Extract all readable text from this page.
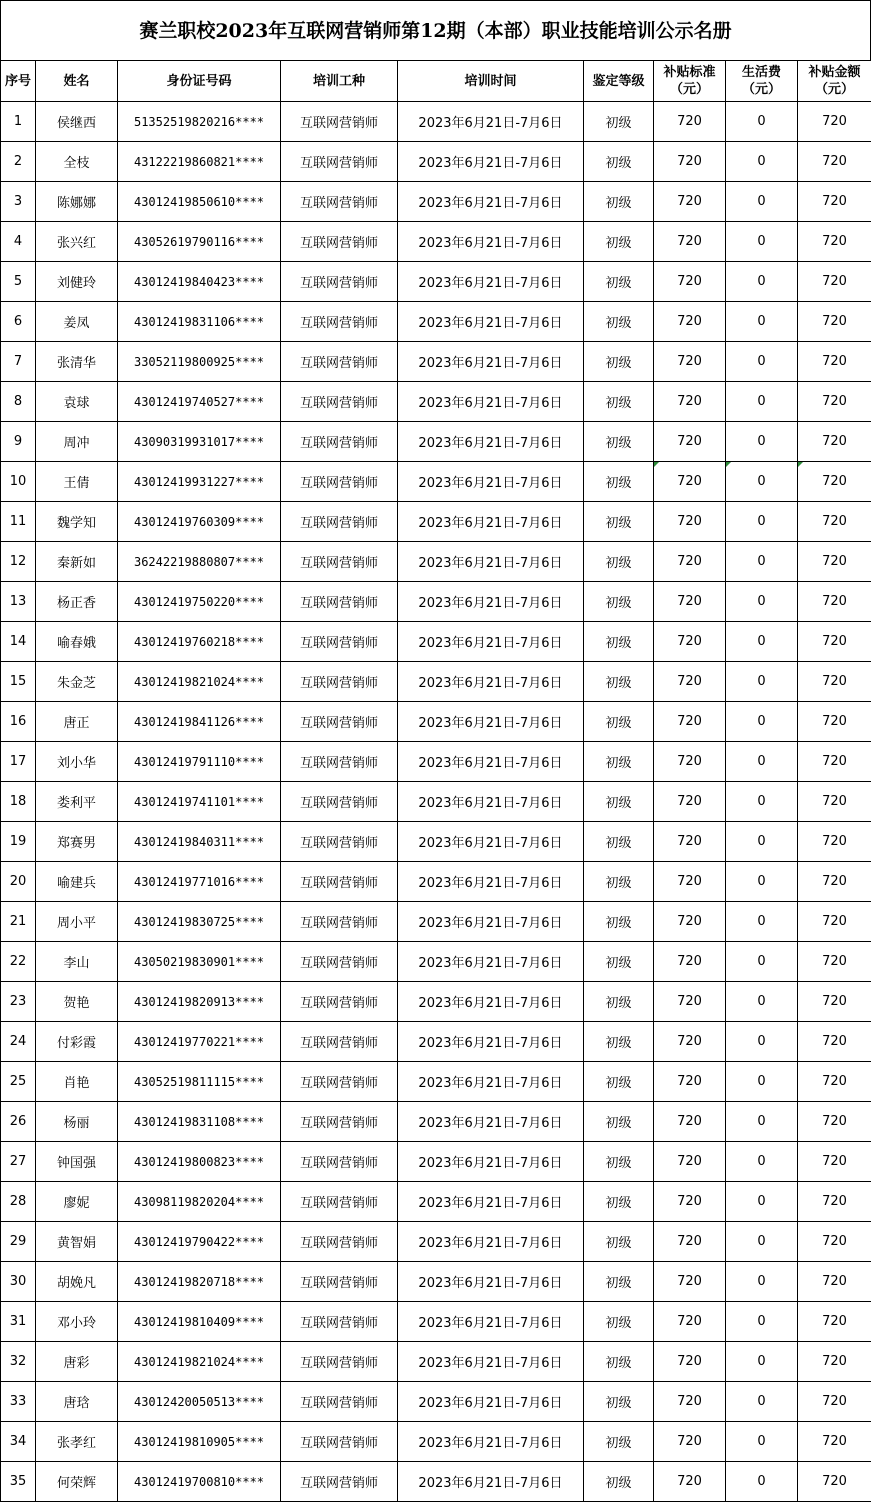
赛兰职校2023年互联网营销师第12期（本部）职业技能培训公示名册
序号	姓名	身份证号码	培训工种	培训时间	鉴定等级	补贴标准（元）	生活费（元）	补贴金额（元）
1	侯继西	51352519820216****	互联网营销师	2023年6月21日-7月6日	初级	720	0	720
2	全枝	43122219860821****	互联网营销师	2023年6月21日-7月6日	初级	720	0	720
3	陈娜娜	43012419850610****	互联网营销师	2023年6月21日-7月6日	初级	720	0	720
4	张兴红	43052619790116****	互联网营销师	2023年6月21日-7月6日	初级	720	0	720
5	刘健玲	43012419840423****	互联网营销师	2023年6月21日-7月6日	初级	720	0	720
6	姜凤	43012419831106****	互联网营销师	2023年6月21日-7月6日	初级	720	0	720
7	张清华	33052119800925****	互联网营销师	2023年6月21日-7月6日	初级	720	0	720
8	袁球	43012419740527****	互联网营销师	2023年6月21日-7月6日	初级	720	0	720
9	周冲	43090319931017****	互联网营销师	2023年6月21日-7月6日	初级	720	0	720
10	王倩	43012419931227****	互联网营销师	2023年6月21日-7月6日	初级	720	0	720
11	魏学知	43012419760309****	互联网营销师	2023年6月21日-7月6日	初级	720	0	720
12	秦新如	36242219880807****	互联网营销师	2023年6月21日-7月6日	初级	720	0	720
13	杨正香	43012419750220****	互联网营销师	2023年6月21日-7月6日	初级	720	0	720
14	喻春娥	43012419760218****	互联网营销师	2023年6月21日-7月6日	初级	720	0	720
15	朱金芝	43012419821024****	互联网营销师	2023年6月21日-7月6日	初级	720	0	720
16	唐正	43012419841126****	互联网营销师	2023年6月21日-7月6日	初级	720	0	720
17	刘小华	43012419791110****	互联网营销师	2023年6月21日-7月6日	初级	720	0	720
18	娄利平	43012419741101****	互联网营销师	2023年6月21日-7月6日	初级	720	0	720
19	郑赛男	43012419840311****	互联网营销师	2023年6月21日-7月6日	初级	720	0	720
20	喻建兵	43012419771016****	互联网营销师	2023年6月21日-7月6日	初级	720	0	720
21	周小平	43012419830725****	互联网营销师	2023年6月21日-7月6日	初级	720	0	720
22	李山	43050219830901****	互联网营销师	2023年6月21日-7月6日	初级	720	0	720
23	贺艳	43012419820913****	互联网营销师	2023年6月21日-7月6日	初级	720	0	720
24	付彩霞	43012419770221****	互联网营销师	2023年6月21日-7月6日	初级	720	0	720
25	肖艳	43052519811115****	互联网营销师	2023年6月21日-7月6日	初级	720	0	720
26	杨丽	43012419831108****	互联网营销师	2023年6月21日-7月6日	初级	720	0	720
27	钟国强	43012419800823****	互联网营销师	2023年6月21日-7月6日	初级	720	0	720
28	廖妮	43098119820204****	互联网营销师	2023年6月21日-7月6日	初级	720	0	720
29	黄智娟	43012419790422****	互联网营销师	2023年6月21日-7月6日	初级	720	0	720
30	胡娩凡	43012419820718****	互联网营销师	2023年6月21日-7月6日	初级	720	0	720
31	邓小玲	43012419810409****	互联网营销师	2023年6月21日-7月6日	初级	720	0	720
32	唐彩	43012419821024****	互联网营销师	2023年6月21日-7月6日	初级	720	0	720
33	唐琀	43012420050513****	互联网营销师	2023年6月21日-7月6日	初级	720	0	720
34	张孝红	43012419810905****	互联网营销师	2023年6月21日-7月6日	初级	720	0	720
35	何荣辉	43012419700810****	互联网营销师	2023年6月21日-7月6日	初级	720	0	720
